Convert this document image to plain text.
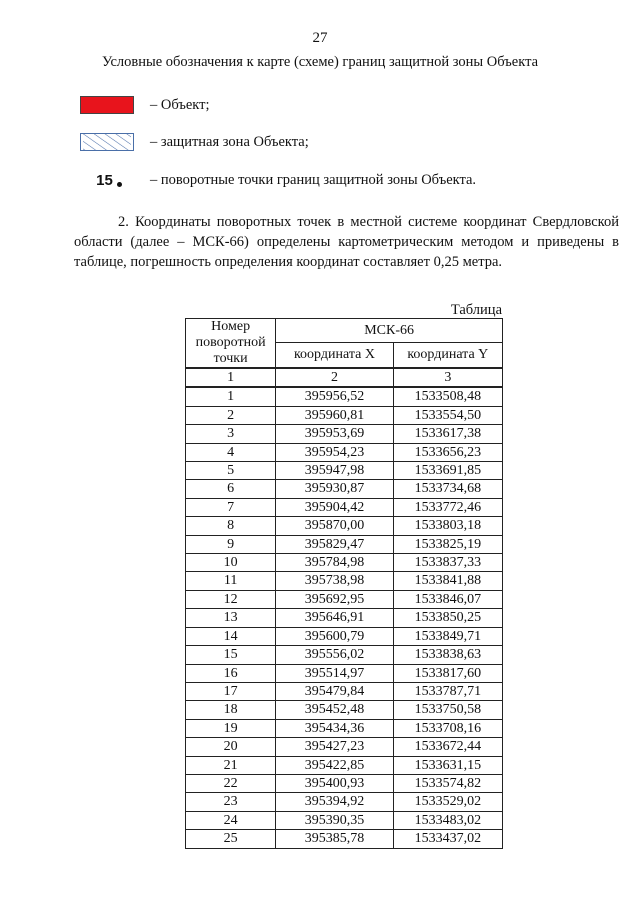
27
Условные обозначения к карте (схеме) границ защитной зоны Объекта
– Объект;
– защитная зона Объекта;
15	– поворотные точки границ защитной зоны Объекта.
2. Координаты поворотных точек в местной системе координат Свердловской области (далее – МСК-66) определены картометрическим методом и приведены в таблице, погрешность определения координат составляет 0,25 метра.
Таблица
Номер поворотной точки	МСК-66	
	координата X	координата Y
1	2	3
1	395956,52	1533508,48
2	395960,81	1533554,50
3	395953,69	1533617,38
4	395954,23	1533656,23
5	395947,98	1533691,85
6	395930,87	1533734,68
7	395904,42	1533772,46
8	395870,00	1533803,18
9	395829,47	1533825,19
10	395784,98	1533837,33
11	395738,98	1533841,88
12	395692,95	1533846,07
13	395646,91	1533850,25
14	395600,79	1533849,71
15	395556,02	1533838,63
16	395514,97	1533817,60
17	395479,84	1533787,71
18	395452,48	1533750,58
19	395434,36	1533708,16
20	395427,23	1533672,44
21	395422,85	1533631,15
22	395400,93	1533574,82
23	395394,92	1533529,02
24	395390,35	1533483,02
25	395385,78	1533437,02
